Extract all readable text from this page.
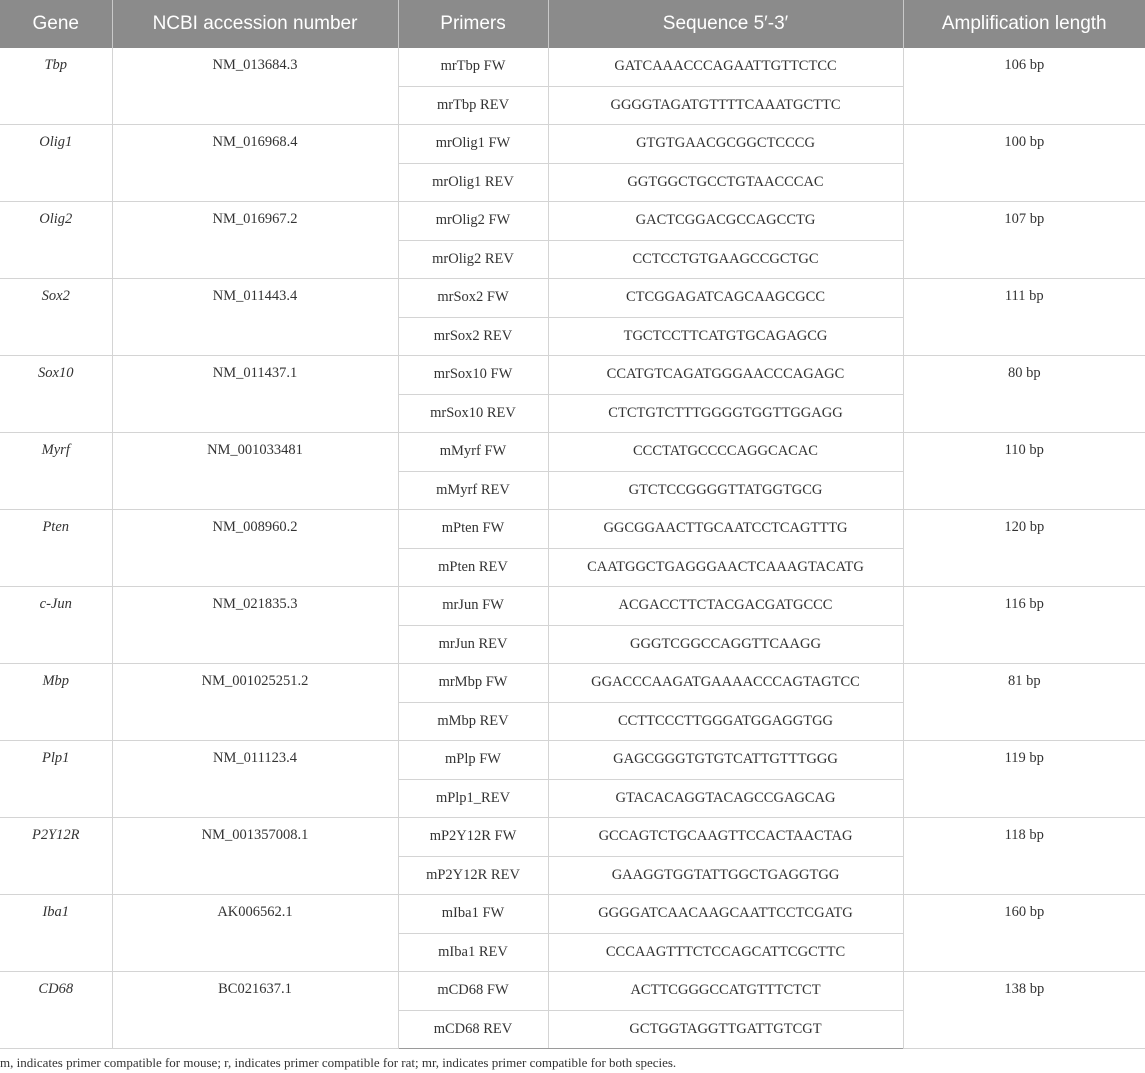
Gene	NCBI accession number	Primers	Sequence 5′-3′	Amplification length
Tbp	NM_013684.3	mrTbp FW	GATCAAACCCAGAATTGTTCTCC	106 bp
		mrTbp REV	GGGGTAGATGTTTTCAAATGCTTC	
Olig1	NM_016968.4	mrOlig1 FW	GTGTGAACGCGGCTCCCG	100 bp
		mrOlig1 REV	GGTGGCTGCCTGTAACCCAC	
Olig2	NM_016967.2	mrOlig2 FW	GACTCGGACGCCAGCCTG	107 bp
		mrOlig2 REV	CCTCCTGTGAAGCCGCTGC	
Sox2	NM_011443.4	mrSox2 FW	CTCGGAGATCAGCAAGCGCC	111 bp
		mrSox2 REV	TGCTCCTTCATGTGCAGAGCG	
Sox10	NM_011437.1	mrSox10 FW	CCATGTCAGATGGGAACCCAGAGC	80 bp
		mrSox10 REV	CTCTGTCTTTGGGGTGGTTGGAGG	
Myrf	NM_001033481	mMyrf FW	CCCTATGCCCCAGGCACAC	110 bp
		mMyrf REV	GTCTCCGGGGTTATGGTGCG	
Pten	NM_008960.2	mPten FW	GGCGGAACTTGCAATCCTCAGTTTG	120 bp
		mPten REV	CAATGGCTGAGGGAACTCAAAGTACATG	
c-Jun	NM_021835.3	mrJun FW	ACGACCTTCTACGACGATGCCC	116 bp
		mrJun REV	GGGTCGGCCAGGTTCAAGG	
Mbp	NM_001025251.2	mrMbp FW	GGACCCAAGATGAAAACCCAGTAGTCC	81 bp
		mMbp REV	CCTTCCCTTGGGATGGAGGTGG	
Plp1	NM_011123.4	mPlp FW	GAGCGGGTGTGTCATTGTTTGGG	119 bp
		mPlp1_REV	GTACACAGGTACAGCCGAGCAG	
P2Y12R	NM_001357008.1	mP2Y12R FW	GCCAGTCTGCAAGTTCCACTAACTAG	118 bp
		mP2Y12R REV	GAAGGTGGTATTGGCTGAGGTGG	
Iba1	AK006562.1	mIba1 FW	GGGGATCAACAAGCAATTCCTCGATG	160 bp
		mIba1 REV	CCCAAGTTTCTCCAGCATTCGCTTC	
CD68	BC021637.1	mCD68 FW	ACTTCGGGCCATGTTTCTCT	138 bp
		mCD68 REV	GCTGGTAGGTTGATTGTCGT	
m, indicates primer compatible for mouse; r, indicates primer compatible for rat; mr, indicates primer compatible for both species.
